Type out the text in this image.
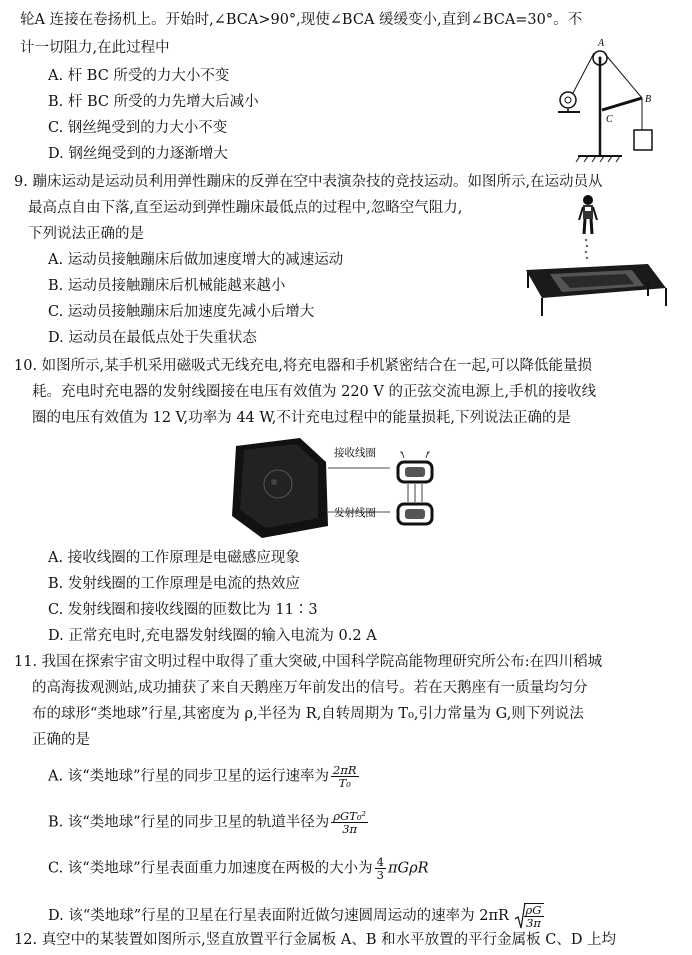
轮A 连接在卷扬机上。开始时,∠BCA>90°,现使∠BCA 缓缓变小,直到∠BCA=30°。不
计一切阻力,在此过程中
A. 杆 BC 所受的力大小不变
B. 杆 BC 所受的力先增大后减小
C. 钢丝绳受到的力大小不变
D. 钢丝绳受到的力逐渐增大
A
B
C
9. 蹦床运动是运动员利用弹性蹦床的反弹在空中表演杂技的竞技运动。如图所示,在运动员从
最高点自由下落,直至运动到弹性蹦床最低点的过程中,忽略空气阻力,
下列说法正确的是
A. 运动员接触蹦床后做加速度增大的减速运动
B. 运动员接触蹦床后机械能越来越小
C. 运动员接触蹦床后加速度先减小后增大
D. 运动员在最低点处于失重状态
10. 如图所示,某手机采用磁吸式无线充电,将充电器和手机紧密结合在一起,可以降低能量损
耗。充电时充电器的发射线圈接在电压有效值为 220 V 的正弦交流电源上,手机的接收线
圈的电压有效值为 12 V,功率为 44 W,不计充电过程中的能量损耗,下列说法正确的是
接收线圈
发射线圈
A. 接收线圈的工作原理是电磁感应现象
B. 发射线圈的工作原理是电流的热效应
C. 发射线圈和接收线圈的匝数比为 11∶3
D. 正常充电时,充电器发射线圈的输入电流为 0.2 A
11. 我国在探索宇宙文明过程中取得了重大突破,中国科学院高能物理研究所公布:在四川稻城
的高海拔观测站,成功捕获了来自天鹅座万年前发出的信号。若在天鹅座有一质量均匀分
布的球形“类地球”行星,其密度为 ρ,半径为 R,自转周期为 T₀,引力常量为 G,则下列说法
正确的是
A. 该“类地球”行星的同步卫星的运行速率为 $\frac{2\pi R}{\text{T₀}}$
B. 该“类地球”行星的同步卫星的轨道半径为 $\frac{\text{ρGT₀²}}{3\pi}$
C. 该“类地球”行星表面重力加速度在两极的大小为 $\frac{4}{3}$ πGρR
D. 该“类地球”行星的卫星在行星表面附近做匀速圆周运动的速率为 $2\pi R \frac{\rho G}{3\pi}$
12. 真空中的某装置如图所示,竖直放置平行金属板 A、B 和水平放置的平行金属板 C、D 上均
